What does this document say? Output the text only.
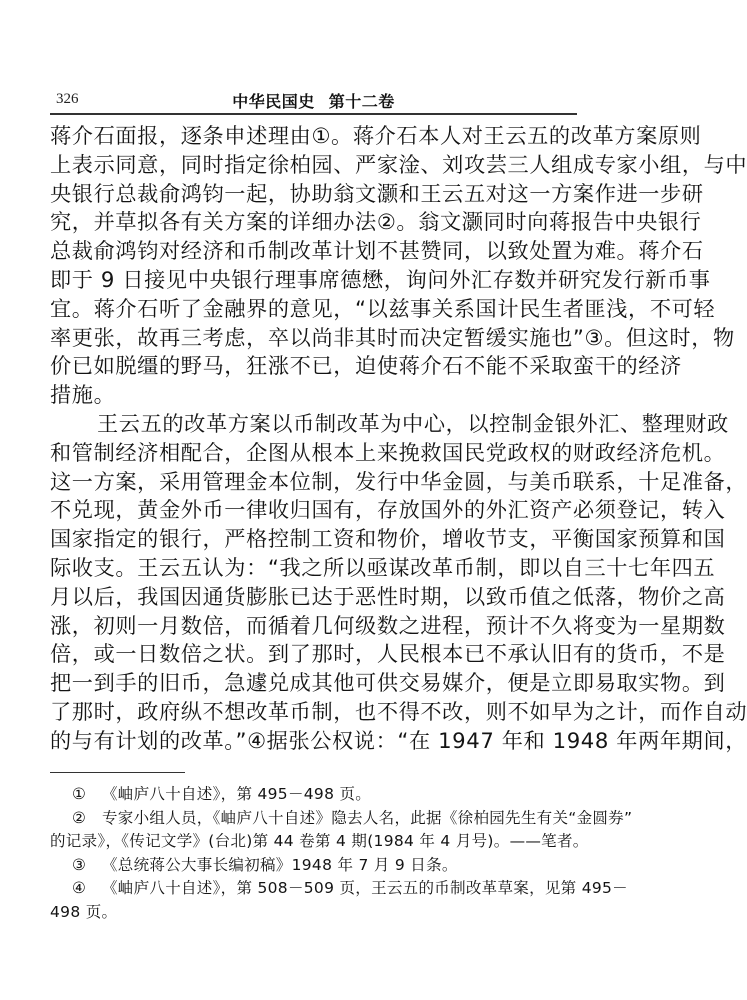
326	中华民国史 第十二卷
蒋介石面报，逐条申述理由①。蒋介石本人对王云五的改革方案原则
上表示同意，同时指定徐柏园、严家淦、刘攻芸三人组成专家小组，与中
央银行总裁俞鸿钧一起，协助翁文灏和王云五对这一方案作进一步研
究，并草拟各有关方案的详细办法②。翁文灏同时向蒋报告中央银行
总裁俞鸿钧对经济和币制改革计划不甚赞同，以致处置为难。蒋介石
即于 9 日接见中央银行理事席德懋，询问外汇存数并研究发行新币事
宜。蒋介石听了金融界的意见，“以兹事关系国计民生者匪浅，不可轻
率更张，故再三考虑，卒以尚非其时而决定暂缓实施也”③。但这时，物
价已如脱缰的野马，狂涨不已，迫使蒋介石不能不采取蛮干的经济
措施。
王云五的改革方案以币制改革为中心，以控制金银外汇、整理财政
和管制经济相配合，企图从根本上来挽救国民党政权的财政经济危机。
这一方案，采用管理金本位制，发行中华金圆，与美币联系，十足准备，
不兑现，黄金外币一律收归国有，存放国外的外汇资产必须登记，转入
国家指定的银行，严格控制工资和物价，增收节支，平衡国家预算和国
际收支。王云五认为：“我之所以亟谋改革币制，即以自三十七年四五
月以后，我国因通货膨胀已达于恶性时期，以致币值之低落，物价之高
涨，初则一月数倍，而循着几何级数之进程，预计不久将变为一星期数
倍，或一日数倍之状。到了那时，人民根本已不承认旧有的货币，不是
把一到手的旧币，急遽兑成其他可供交易媒介，便是立即易取实物。到
了那时，政府纵不想改革币制，也不得不改，则不如早为之计，而作自动
的与有计划的改革。”④据张公权说：“在 1947 年和 1948 年两年期间，
① 《岫庐八十自述》，第 495－498 页。
② 专家小组人员，《岫庐八十自述》隐去人名，此据《徐柏园先生有关“金圆券”
的记录》，《传记文学》(台北)第 44 卷第 4 期(1984 年 4 月号)。——笔者。
③ 《总统蒋公大事长编初稿》1948 年 7 月 9 日条。
④ 《岫庐八十自述》，第 508－509 页，王云五的币制改革草案，见第 495－
498 页。
